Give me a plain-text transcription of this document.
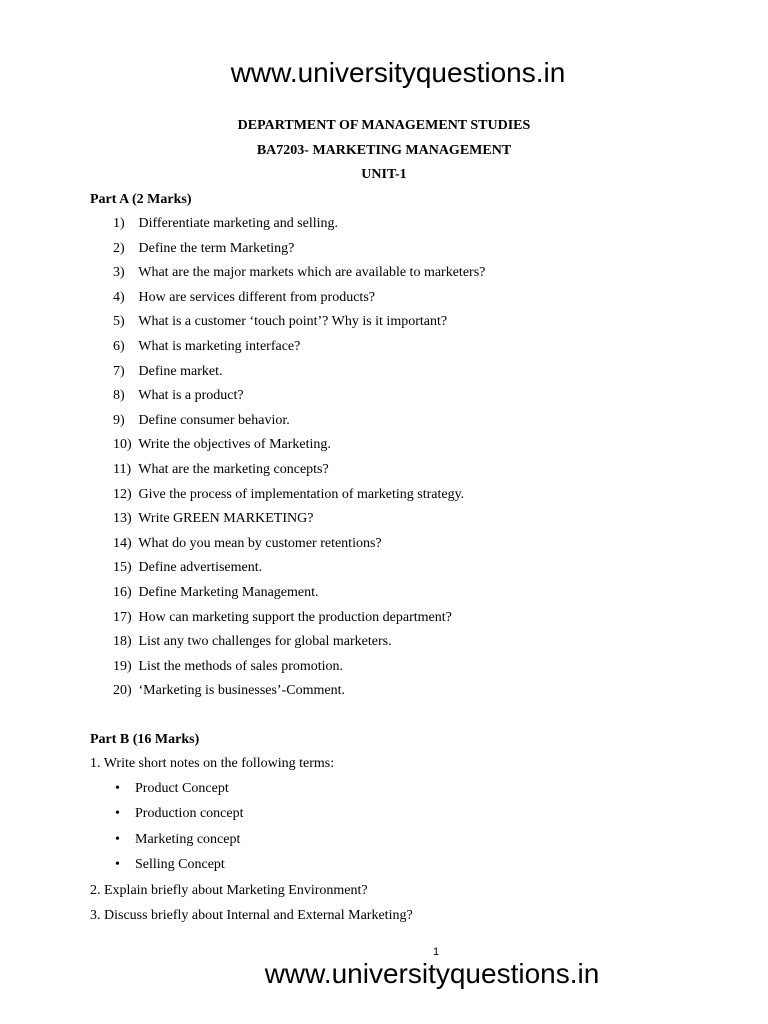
www.universityquestions.in
DEPARTMENT OF MANAGEMENT STUDIES
BA7203- MARKETING MANAGEMENT
UNIT-1
Part A (2 Marks)
1) Differentiate marketing and selling.
2) Define the term Marketing?
3) What are the major markets which are available to marketers?
4) How are services different from products?
5) What is a customer ‘touch point’? Why is it important?
6) What is marketing interface?
7) Define market.
8) What is a product?
9) Define consumer behavior.
10) Write the objectives of Marketing.
11) What are the marketing concepts?
12) Give the process of implementation of marketing strategy.
13) Write GREEN MARKETING?
14) What do you mean by customer retentions?
15) Define advertisement.
16) Define Marketing Management.
17) How can marketing support the production department?
18) List any two challenges for global marketers.
19) List the methods of sales promotion.
20) ‘Marketing is businesses’-Comment.
Part B (16 Marks)
1. Write short notes on the following terms:
• Product Concept
• Production concept
• Marketing concept
• Selling Concept
2. Explain briefly about Marketing Environment?
3. Discuss briefly about Internal and External Marketing?
1
www.universityquestions.in
